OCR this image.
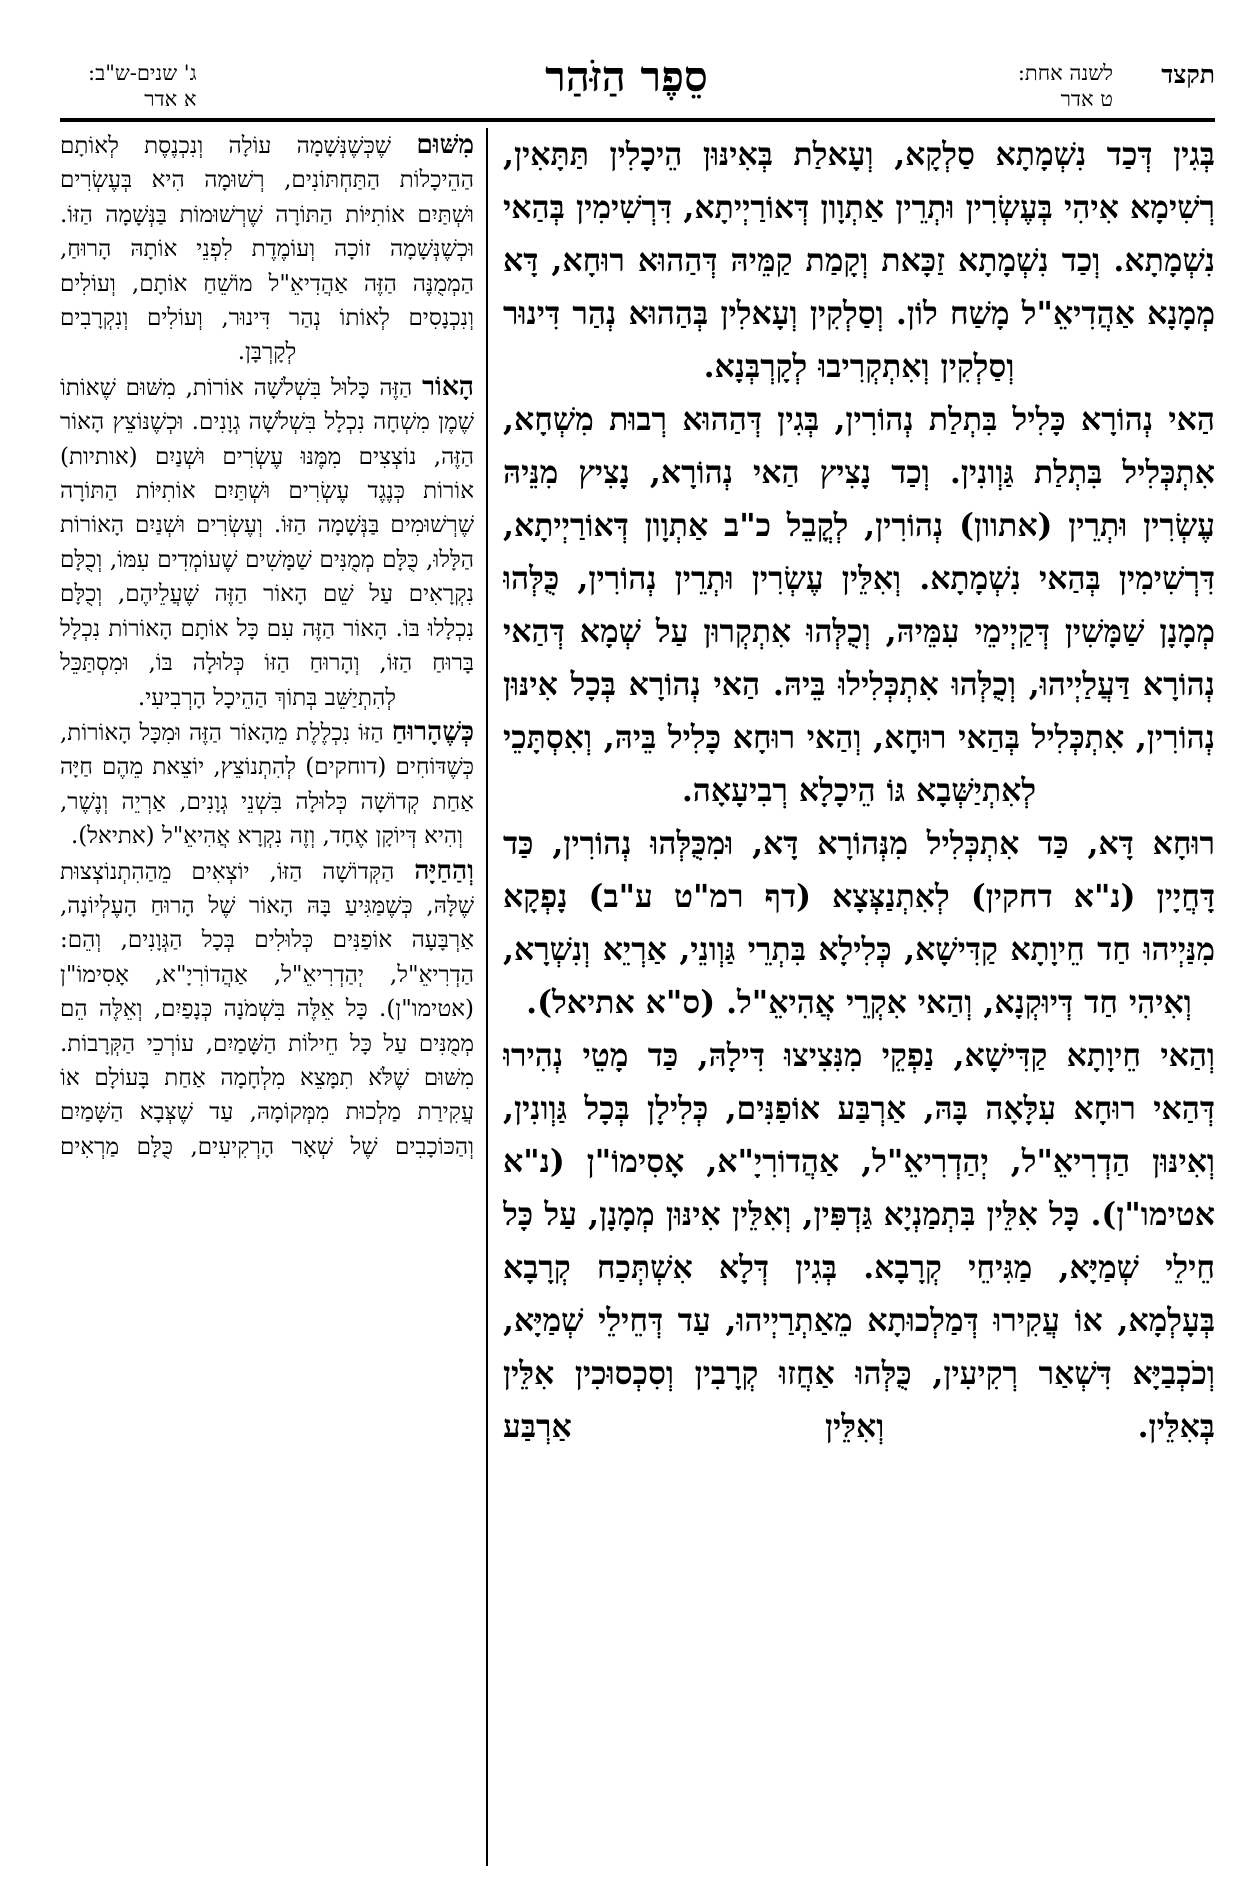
תקצד
לשנה אחת:
ט אדר
סֵפֶר הַזֹּהַר
ג' שנים-ש"ב:
א אדר

בְּגִין דְּכַד נִשְׁמָתָא סַלְקָא, וְעָאלַת בְּאִינּוּן הֵיכָלִין תַּתָּאִין, רְשִׁימָא אִיהִי בְּעֶשְׂרִין וּתְרֵין אַתְוָון דְּאוֹרַיְיתָא, דִּרְשִׁימִין בְּהַאי נִשְׁמָתָא. וְכַד נִשְׁמָתָא זַכָּאת וְקָמַת קַמֵּיהּ דְּהַהוּא רוּחָא, דָּא מְמָנָא אַהֲדִיאֵ"ל מָשַׁח לוֹן. וְסַלְקִין וְעָאלִין בְּהַהוּא נְהַר דִּינוּר וְסַלְקִין וְאִתְקְרִיבוּ לְקָרְבְּנָא.

הַאי נְהוֹרָא כָּלִיל בִּתְלַת נְהוֹרִין, בְּגִין דְּהַהוּא רְבוּת מִשְׁחָא, אִתְכְּלִיל בִּתְלַת גַּוְונִין. וְכַד נָצִיץ הַאי נְהוֹרָא, נָצִיץ מִנֵּיהּ עֶשְׂרִין וּתְרֵין (אתוון) נְהוֹרִין, לְקֳבֵל כ"ב אַתְוָון דְּאוֹרַיְיתָא, דִּרְשִׁימִין בְּהַאי נִשְׁמָתָא. וְאִלֵּין עֶשְׂרִין וּתְרֵין נְהוֹרִין, כֻּלְּהוּ מְמָנָן שַׁמָּשִׁין דְּקַיְימֵי עִמֵּיהּ, וְכֻלְּהוּ אִתְקְרוּן עַל שְׁמָא דְּהַאי נְהוֹרָא דַּעֲלַיְיהוּ, וְכֻלְּהוּ אִתְכְּלִילוּ בֵּיהּ. הַאי נְהוֹרָא בְּכָל אִינּוּן נְהוֹרִין, אִתְכְּלִיל בְּהַאי רוּחָא, וְהַאי רוּחָא כָּלִיל בֵּיהּ, וְאִסְתָּכֵי לְאִתְיַשְּׁבָא גּוֹ הֵיכָלָא רְבִיעָאָה.

רוּחָא דָּא, כַּד אִתְכְּלִיל מִנְּהוֹרָא דָּא, וּמִכֻּלְּהוּ נְהוֹרִין, כַּד דָּחֲיָין (נ"א דחקין) לְאִתְנַצְּצָא (דף רמ"ט ע"ב) נָפְקָא מִנַּיְיהוּ חַד חֵיוָתָא קַדִּישָׁא, כְּלִילָא בִּתְרֵי גַּוְונֵי, אַרְיֵא וְנִשְׁרָא, וְאִיהִי חַד דְּיוּקְנָא, וְהַאי אִקְרֵי אֲהִיאֵ"ל. (ס"א אתיאל).

וְהַאי חֵיוָתָא קַדִּישָׁא, נַפְקֵי מִנִּצִיצוּ דִּילָהּ, כַּד מָטֵי נְהִירוּ דְּהַאי רוּחָא עִלָּאָה בָּהּ, אַרְבַּע אוֹפַנִּים, כְּלִילָן בְּכָל גַּוְונִין, וְאִינּוּן הַדְרִיאֵ"ל, יְהַדְרִיאֵ"ל, אַהֲדוֹרִיָ"א, אָסִימוֹ"ן (נ"א אטימו"ן). כָּל אִלֵּין בִּתְמַנְיָא גַּדְפִּין, וְאִלֵּין אִינּוּן מְמָנָן, עַל כָּל חֵילֵי שְׁמַיָּא, מַגִּיחֵי קְרָבָא. בְּגִין דְּלָא אִשְׁתְּכַח קְרָבָא בְּעָלְמָא, אוֹ עֲקִירוּ דְּמַלְכוּתָא מֵאַתְרַיְיהוּ, עַד דְּחֵילֵי שְׁמַיָּא, וְכֹכְבַיָּא דִּשְׁאַר רְקִיעִין, כֻּלְּהוּ אַחֲזוּ קְרָבִין וְסִכְסוּכִין אִלֵּין בְּאִלֵּין. וְאִלֵּין אַרְבַּע

מִשּׁוּם שֶׁכְּשֶׁנְּשָׁמָה עוֹלָה וְנִכְנֶסֶת לְאוֹתָם הַהֵיכָלוֹת הַתַּחְתּוֹנִים, רְשׁוּמָה הִיא בְּעֶשְׂרִים וּשְׁתַּיִם אוֹתִיּוֹת הַתּוֹרָה שֶׁרְשׁוּמוֹת בַּנְּשָׁמָה הַזּוֹ. וּכְשֶׁנְּשָׁמָה זוֹכָה וְעוֹמֶדֶת לִפְנֵי אוֹתָהּ הָרוּחַ, הַמְמֻנֶּה הַזֶּה אַהֲדִיאֵ"ל מוֹשֵׁחַ אוֹתָם, וְעוֹלִים וְנִכְנָסִים לְאוֹתוֹ נְהַר דִּינוּר, וְעוֹלִים וְנִקְרָבִים לְקָרְבָּן.

הָאוֹר הַזֶּה כָּלוּל בִּשְׁלֹשָׁה אוֹרוֹת, מִשּׁוּם שֶׁאוֹתוֹ שֶׁמֶן מִשְׁחָה נִכְלָל בִּשְׁלֹשָׁה גְוָנִים. וּכְשֶׁנּוֹצֵץ הָאוֹר הַזֶּה, נוֹצְצִים מִמֶּנּוּ עֶשְׂרִים וּשְׁנַיִם (אותיות) אוֹרוֹת כְּנֶגֶד עֶשְׂרִים וּשְׁתַּיִם אוֹתִיּוֹת הַתּוֹרָה שֶׁרְשׁוּמִים בַּנְּשָׁמָה הַזּוֹ. וְעֶשְׂרִים וּשְׁנַיִם הָאוֹרוֹת הַלָּלוּ, כֻּלָּם מְמֻנִּים שַׁמָּשִׁים שֶׁעוֹמְדִים עִמּוֹ, וְכֻלָּם נִקְרָאִים עַל שֵׁם הָאוֹר הַזֶּה שֶׁעֲלֵיהֶם, וְכֻלָּם נִכְלָלוּ בּוֹ. הָאוֹר הַזֶּה עִם כָּל אוֹתָם הָאוֹרוֹת נִכְלָל בָּרוּחַ הַזּוֹ, וְהָרוּחַ הַזּוֹ כְּלוּלָה בּוֹ, וּמִסְתַּכֵּל לְהִתְיַשֵּׁב בְּתוֹךְ הַהֵיכָל הָרְבִיעִי.

כְּשֶׁהָרוּחַ הַזּוֹ נִכְלֶלֶת מֵהָאוֹר הַזֶּה וּמִכָּל הָאוֹרוֹת, כְּשֶׁדּוֹחִים (דוחקים) לְהִתְנוֹצֵץ, יוֹצֵאת מֵהֶם חַיָּה אַחַת קְדוֹשָׁה כְּלוּלָה בִּשְׁנֵי גְוָנִים, אַרְיֵה וְנֶשֶׁר, וְהִיא דְּיוֹקָן אֶחָד, וְזֶה נִקְרָא אֲהִיאֵ"ל (אתיאל).

וְהַחַיָּה הַקְּדוֹשָׁה הַזּוֹ, יוֹצְאִים מֵהַהִתְנוֹצְצוּת שֶׁלָּהּ, כְּשֶׁמַּגִּיעַ בָּהּ הָאוֹר שֶׁל הָרוּחַ הָעֶלְיוֹנָה, אַרְבָּעָה אוֹפַנִּים כְּלוּלִים בְּכָל הַגְּוָנִים, וְהֵם: הַדְרִיאֵ"ל, יְהַדְרִיאֵ"ל, אַהֲדוֹרִיָ"א, אָסִימוֹ"ן (אטימו"ן). כָּל אֵלֶּה בִּשְׁמֹנָה כְּנָפַיִם, וְאֵלֶּה הֵם מְמֻנִּים עַל כָּל חֵילוֹת הַשָּׁמַיִם, עוֹרְכֵי הַקְּרָבוֹת. מִשּׁוּם שֶׁלֹּא תִמָּצֵא מִלְחָמָה אַחַת בָּעוֹלָם אוֹ עֲקִירַת מַלְכוּת מִמְּקוֹמָהּ, עַד שֶׁצְּבָא הַשָּׁמַיִם וְהַכּוֹכָבִים שֶׁל שְׁאָר הָרְקִיעִים, כֻּלָּם מַרְאִים
